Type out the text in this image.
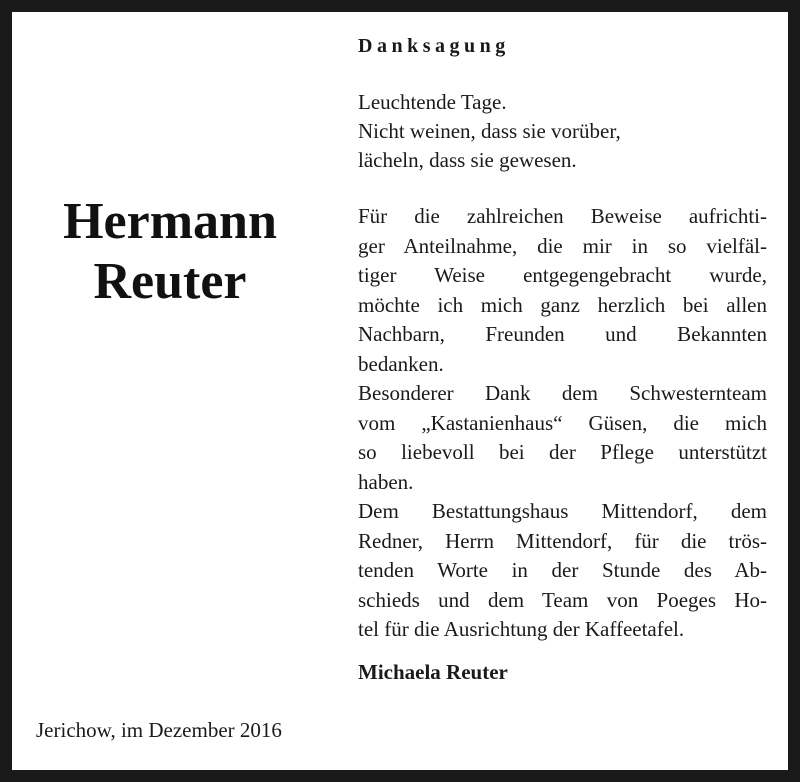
Danksagung
Leuchtende Tage.
Nicht weinen, dass sie vorüber,
lächeln, dass sie gewesen.
Hermann
Reuter
Für die zahlreichen Beweise aufrichti-
ger Anteilnahme, die mir in so vielfäl-
tiger Weise entgegengebracht wurde,
möchte ich mich ganz herzlich bei allen
Nachbarn, Freunden und Bekannten
bedanken.
Besonderer Dank dem Schwesternteam
vom „Kastanienhaus“ Güsen, die mich
so liebevoll bei der Pflege unterstützt
haben.
Dem Bestattungshaus Mittendorf, dem
Redner, Herrn Mittendorf, für die trös-
tenden Worte in der Stunde des Ab-
schieds und dem Team von Poeges Ho-
tel für die Ausrichtung der Kaffeetafel.
Michaela Reuter
Jerichow, im Dezember 2016
